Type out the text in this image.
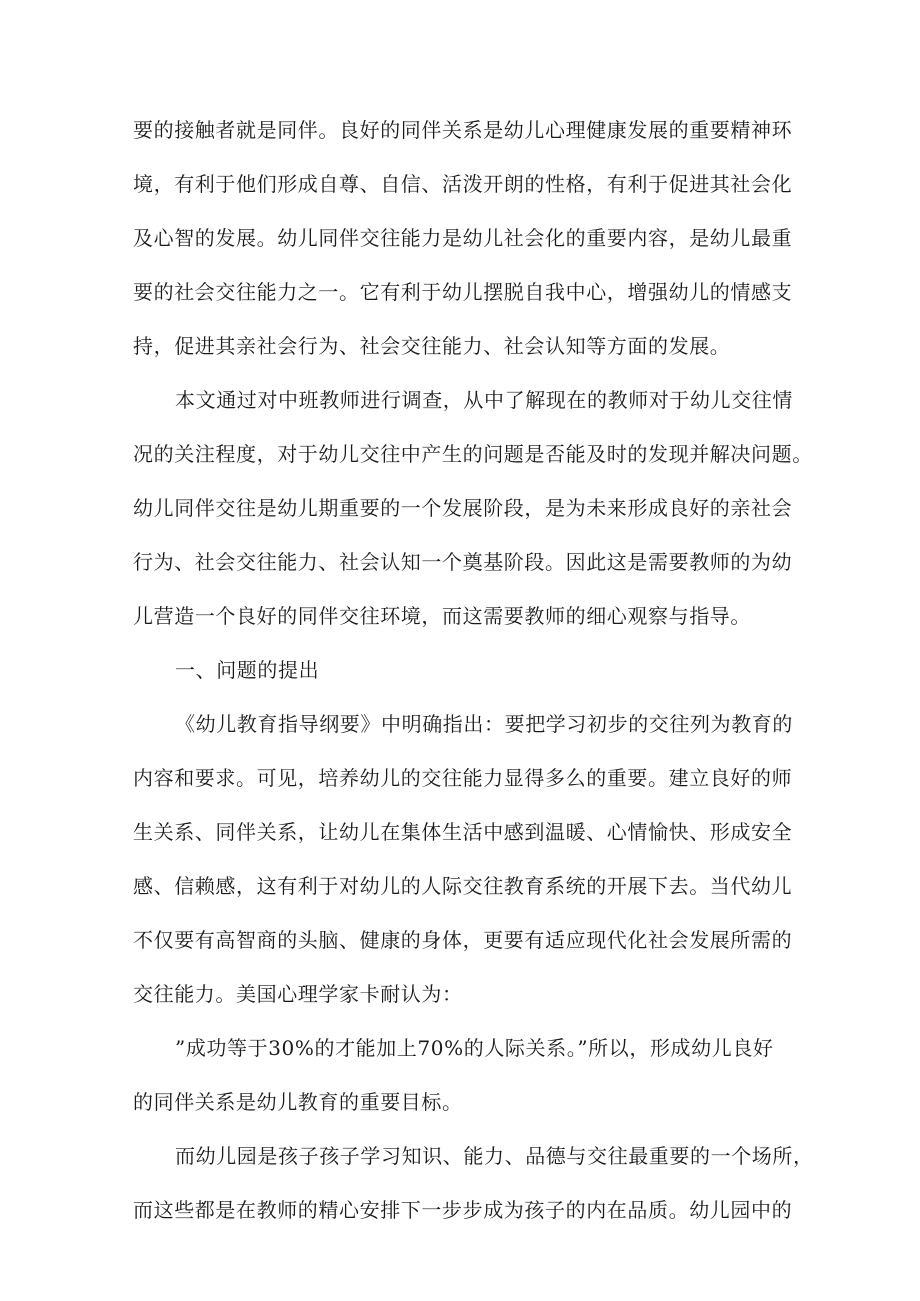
要的接触者就是同伴。良好的同伴关系是幼儿心理健康发展的重要精神环
境，有利于他们形成自尊、自信、活泼开朗的性格，有利于促进其社会化
及心智的发展。幼儿同伴交往能力是幼儿社会化的重要内容，是幼儿最重
要的社会交往能力之一。它有利于幼儿摆脱自我中心，增强幼儿的情感支
持，促进其亲社会行为、社会交往能力、社会认知等方面的发展。
本文通过对中班教师进行调查，从中了解现在的教师对于幼儿交往情
况的关注程度，对于幼儿交往中产生的问题是否能及时的发现并解决问题。
幼儿同伴交往是幼儿期重要的一个发展阶段，是为未来形成良好的亲社会
行为、社会交往能力、社会认知一个奠基阶段。因此这是需要教师的为幼
儿营造一个良好的同伴交往环境，而这需要教师的细心观察与指导。
一、问题的提出
《幼儿教育指导纲要》中明确指出：要把学习初步的交往列为教育的
内容和要求。可见，培养幼儿的交往能力显得多么的重要。建立良好的师
生关系、同伴关系，让幼儿在集体生活中感到温暖、心情愉快、形成安全
感、信赖感，这有利于对幼儿的人际交往教育系统的开展下去。当代幼儿
不仅要有高智商的头脑、健康的身体，更要有适应现代化社会发展所需的
交往能力。美国心理学家卡耐认为：
”成功等于30%的才能加上70%的人际关系。”所以，形成幼儿良好
的同伴关系是幼儿教育的重要目标。
而幼儿园是孩子孩子学习知识、能力、品德与交往最重要的一个场所，
而这些都是在教师的精心安排下一步步成为孩子的内在品质。幼儿园中的
